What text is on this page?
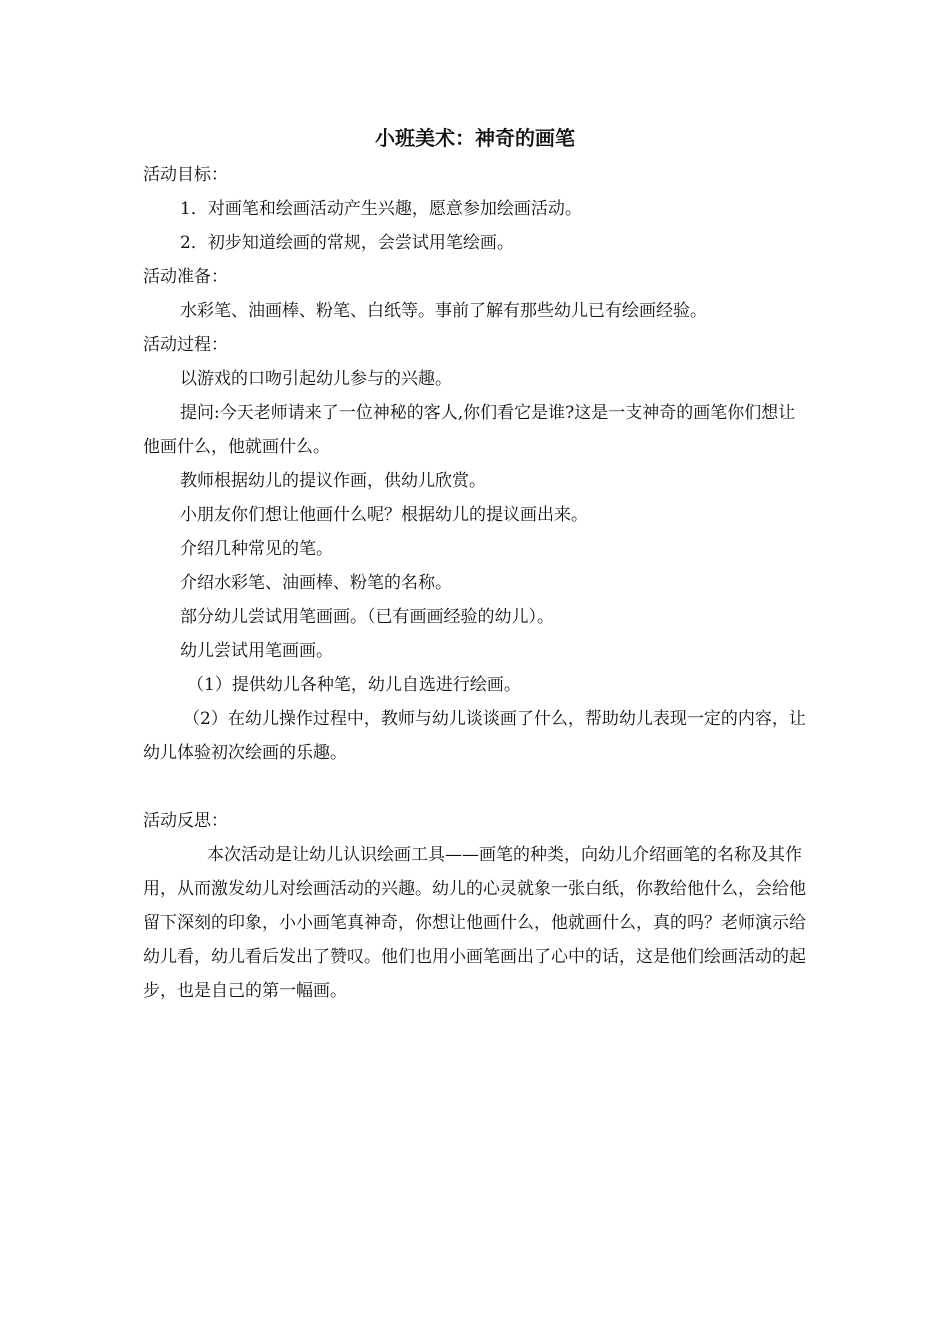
小班美术：神奇的画笔

活动目标：

1．对画笔和绘画活动产生兴趣，愿意参加绘画活动。

2．初步知道绘画的常规，会尝试用笔绘画。

活动准备：

水彩笔、油画棒、粉笔、白纸等。事前了解有那些幼儿已有绘画经验。

活动过程：

以游戏的口吻引起幼儿参与的兴趣。

提问:今天老师请来了一位神秘的客人,你们看它是谁?这是一支神奇的画笔你们想让他画什么，他就画什么。

教师根据幼儿的提议作画，供幼儿欣赏。

小朋友你们想让他画什么呢？根据幼儿的提议画出来。

介绍几种常见的笔。

介绍水彩笔、油画棒、粉笔的名称。

部分幼儿尝试用笔画画。（已有画画经验的幼儿）。

幼儿尝试用笔画画。

（1）提供幼儿各种笔，幼儿自选进行绘画。

（2）在幼儿操作过程中，教师与幼儿谈谈画了什么，帮助幼儿表现一定的内容，让幼儿体验初次绘画的乐趣。

活动反思：

本次活动是让幼儿认识绘画工具——画笔的种类，向幼儿介绍画笔的名称及其作用，从而激发幼儿对绘画活动的兴趣。幼儿的心灵就象一张白纸，你教给他什么，会给他留下深刻的印象，小小画笔真神奇，你想让他画什么，他就画什么，真的吗？老师演示给幼儿看，幼儿看后发出了赞叹。他们也用小画笔画出了心中的话，这是他们绘画活动的起步，也是自己的第一幅画。
